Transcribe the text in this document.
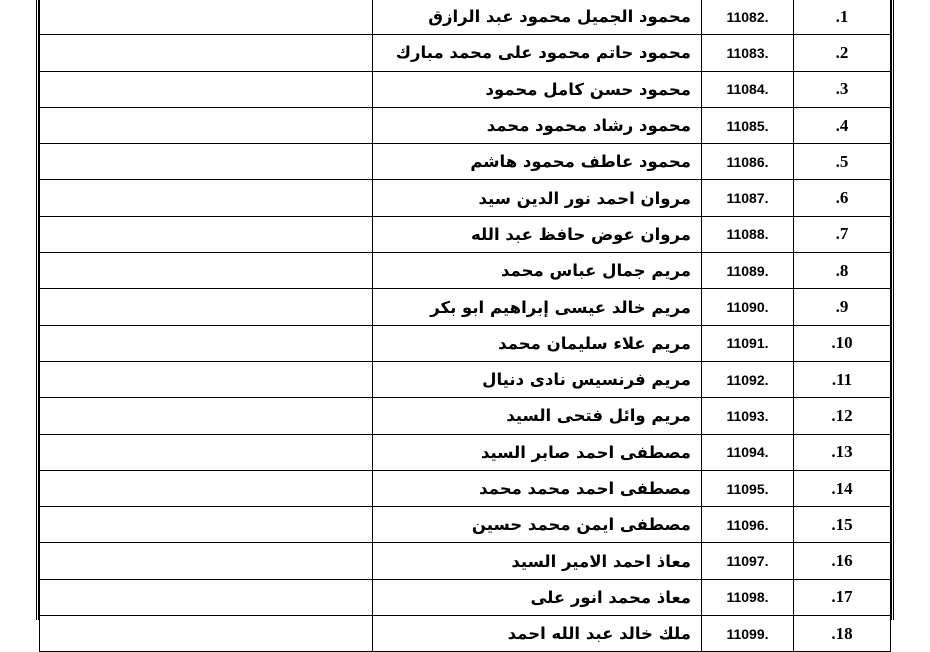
	محمود الجميل محمود عبد الرازق	11082.	.1
	محمود حاتم محمود على محمد مبارك	11083.	.2
	محمود حسن كامل محمود	11084.	.3
	محمود رشاد محمود محمد	11085.	.4
	محمود عاطف محمود هاشم	11086.	.5
	مروان احمد نور الدين سيد	11087.	.6
	مروان عوض حافظ عبد الله	11088.	.7
	مريم جمال عباس محمد	11089.	.8
	مريم خالد عيسى إبراهيم ابو بكر	11090.	.9
	مريم علاء سليمان محمد	11091.	.10
	مريم فرنسيس نادى دنيال	11092.	.11
	مريم وائل فتحى السيد	11093.	.12
	مصطفى احمد صابر السيد	11094.	.13
	مصطفى احمد محمد محمد	11095.	.14
	مصطفى ايمن محمد حسين	11096.	.15
	معاذ احمد الامير السيد	11097.	.16
	معاذ محمد انور على	11098.	.17
	ملك خالد عبد الله احمد	11099.	.18
